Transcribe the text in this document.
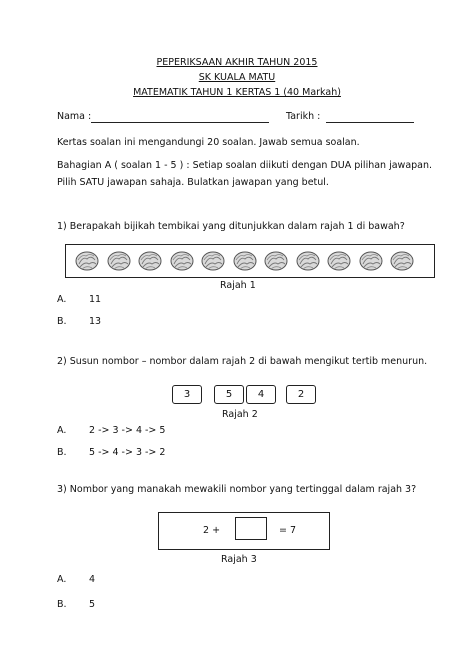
PEPERIKSAAN AKHIR TAHUN 2015
SK KUALA MATU
MATEMATIK TAHUN 1 KERTAS 1 (40 Markah)
Nama :	Tarikh :
Kertas soalan ini mengandungi 20 soalan. Jawab semua soalan.
Bahagian A ( soalan 1 - 5 ) : Setiap soalan diikuti dengan DUA pilihan jawapan.
Pilih SATU jawapan sahaja. Bulatkan jawapan yang betul.
1) Berapakah bijikah tembikai yang ditunjukkan dalam rajah 1 di bawah?
Rajah 1
A. 11
B. 13
2) Susun nombor – nombor dalam rajah 2 di bawah mengikut tertib menurun.
3	5	4	2
Rajah 2
A. 2 -> 3 -> 4 -> 5
B. 5 -> 4 -> 3 -> 2
3) Nombor yang manakah mewakili nombor yang tertinggal dalam rajah 3?
2 +	= 7
Rajah 3
A. 4
B. 5
